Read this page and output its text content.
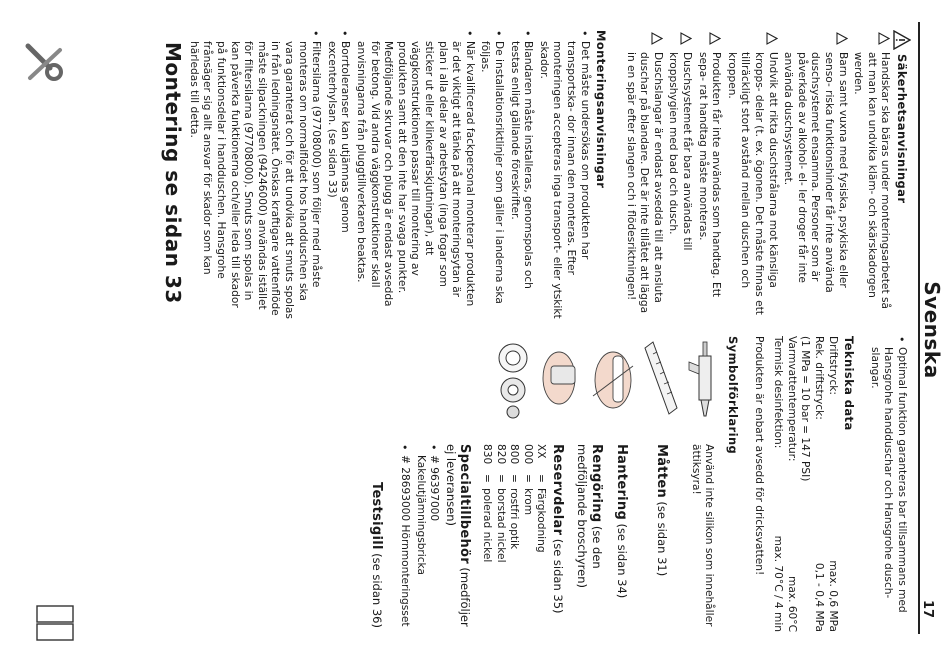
Svenska
17
Säkerhetsanvisningar
Handskar ska bäras under monteringsarbetet så att man kan undvika kläm- och skärskadorgen werden.
Barn samt vuxna med fysiska, psykiska eller senso- riska funktionshinder får inte använda duschsystemet ensamma. Personer som är påverkade av alkohol- el- ler droger får inte använda duschsystemet.
Undvik att rikta duschstrålarna mot känsliga kropps- delar (t. ex. ögonen. Det måste finnas ett tillräckligt stort avstånd mellan duschen och kroppen.
Produkten får inte användas som handtag. Ett sepa- rat handtag måste monteras.
Duschsystemet får bara användas till kroppshygien med bad och dusch.
Duschslangar är endast avsedda till att ansluta duschar på blandare. Det är inte tillåtet att lägga in en spär efter slangen och i flödesriktningen!
Monteringsanvisningar
• Det måste undersökas om produkten har transportska- dor innan den monteras. Efter monteringen accepteras inga transport- eller ytskikt skador.
• Blandaren måste installeras, genomspolas och testas enligt gällande föreskrifter.
• De installationsriktlinjer som gäller i landerna ska följas.
• När kvalificerad fackpersonal monterar produkten är det viktigt att tänka på att monteringsytan är plan i alla delar av arbetsytan (inga fogar som sticker ut eller klinkerfärskjutningar), att väggkonstruktionen passar till montering av produkten samt att den inte har svaga punkter. Medföljande skruvar och plugg är endast avsedda för betong. Vid andra väggkonstruktioner skall anvisningarna från pluggtillverkaren beaktas.
• Borrtoleranser kan utjämnas genom excenterhylsan. (se sidan 33)
• Filtersilarna (97708000) som följer med måste monteras om normalflödet hos handduschen ska vara garanterat och för att undvika att smuts spolas in från ledningsnätet. Önskas kraftigare vattenflöde måste silpackningen (94246000) användas istället för filtersilarna (97708000). Smuts som spolas in kan påverka funktionerna och/eller leda till skador på funktionsdelar i handduschen. Hansgrohe frånsäger sig allt ansvar för skador som kan härledas till detta.
• Optimal funktion garanteras bar tillsammans med Hansgrohe handduschar och Hansgrohe dusch- slangar.
Tekniska data
Driftstryck:
max. 0,6 MPa
Rek. driftstryck:
0,1 - 0,4 MPa
(1 MPa = 10 bar = 147 PSI)
Varmvattentemperatur:
max. 60°C
Termisk desinfektion:
max. 70°C / 4 min

Produkten är enbart avsedd för dricksvatten!

Symbolförklaring

Använd inte silikon som innehåller ättiksyra!

Måtten (se sidan 31)
Hantering (se sidan 34)
Rengöring (se den medföljande broschyren)
Reservdelar (se sidan 35)
XX
=
Färgkodning
000
=
krom
800
=
rostfri optik
820
=
borstad nickel
830
=
polerad nickel
Specialtillbehör (medföljer ej leveransen)
• # 96397000 Kakelutjämningsbricka
• # 28693000 Hörnmonteringsset
Testsigill (se sidan 36)
Montering se sidan 33
